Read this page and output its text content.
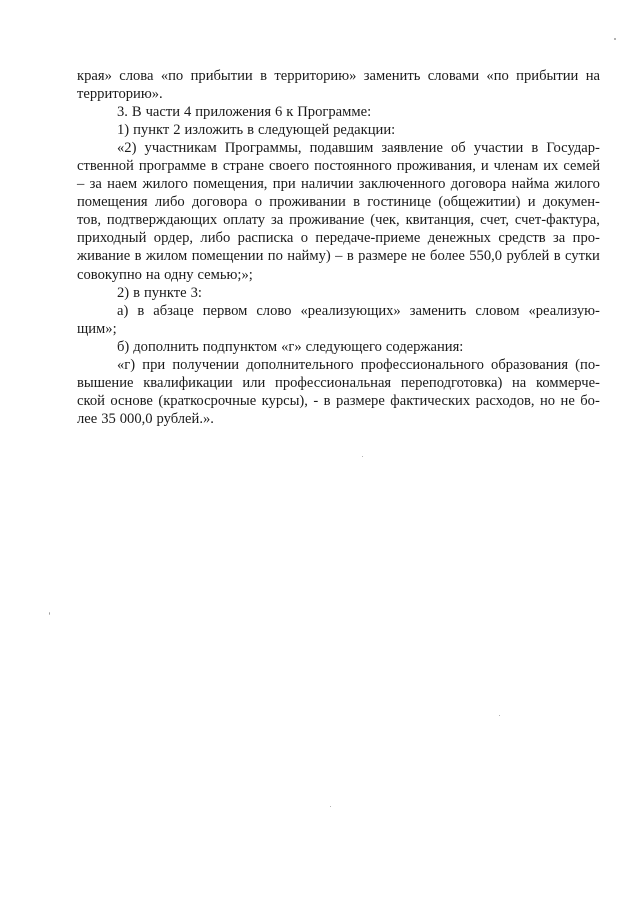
края» слова «по прибытии в территорию» заменить словами «по прибытии на
территорию».
3. В части 4 приложения 6 к Программе:
1) пункт 2 изложить в следующей редакции:
«2) участникам Программы, подавшим заявление об участии в Государ-
ственной программе в стране своего постоянного проживания, и членам их семей
– за наем жилого помещения, при наличии заключенного договора найма жилого
помещения либо договора о проживании в гостинице (общежитии) и докумен-
тов, подтверждающих оплату за проживание (чек, квитанция, счет, счет-фактура,
приходный ордер, либо расписка о передаче-приеме денежных средств за про-
живание в жилом помещении по найму) – в размере не более 550,0 рублей в сутки
совокупно на одну семью;»;
2) в пункте 3:
а) в абзаце первом слово «реализующих» заменить словом «реализую-
щим»;
б) дополнить подпунктом «г» следующего содержания:
«г) при получении дополнительного профессионального образования (по-
вышение квалификации или профессиональная переподготовка) на коммерче-
ской основе (краткосрочные курсы), - в размере фактических расходов, но не бо-
лее 35 000,0 рублей.».
